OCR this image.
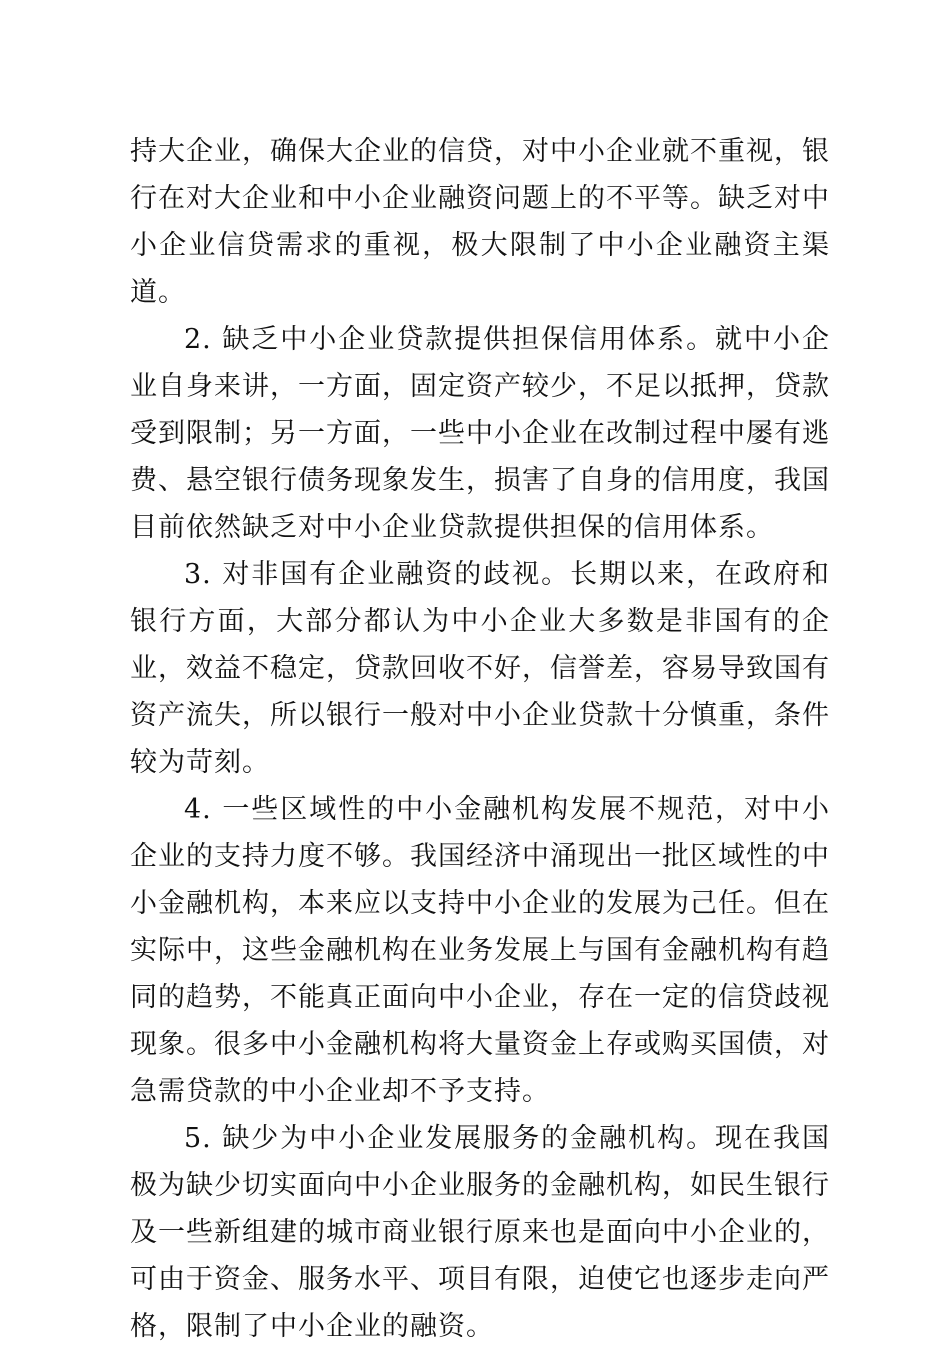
持大企业，确保大企业的信贷，对中小企业就不重视，银行在对大企业和中小企业融资问题上的不平等。缺乏对中小企业信贷需求的重视，极大限制了中小企业融资主渠道。

2. 缺乏中小企业贷款提供担保信用体系。就中小企业自身来讲，一方面，固定资产较少，不足以抵押，贷款受到限制；另一方面，一些中小企业在改制过程中屡有逃费、悬空银行债务现象发生，损害了自身的信用度，我国目前依然缺乏对中小企业贷款提供担保的信用体系。

3. 对非国有企业融资的歧视。长期以来，在政府和银行方面，大部分都认为中小企业大多数是非国有的企业，效益不稳定，贷款回收不好，信誉差，容易导致国有资产流失，所以银行一般对中小企业贷款十分慎重，条件较为苛刻。

4. 一些区域性的中小金融机构发展不规范，对中小企业的支持力度不够。我国经济中涌现出一批区域性的中小金融机构，本来应以支持中小企业的发展为己任。但在实际中，这些金融机构在业务发展上与国有金融机构有趋同的趋势，不能真正面向中小企业，存在一定的信贷歧视现象。很多中小金融机构将大量资金上存或购买国债，对急需贷款的中小企业却不予支持。

5. 缺少为中小企业发展服务的金融机构。现在我国极为缺少切实面向中小企业服务的金融机构，如民生银行及一些新组建的城市商业银行原来也是面向中小企业的，可由于资金、服务水平、项目有限，迫使它也逐步走向严格，限制了中小企业的融资。
